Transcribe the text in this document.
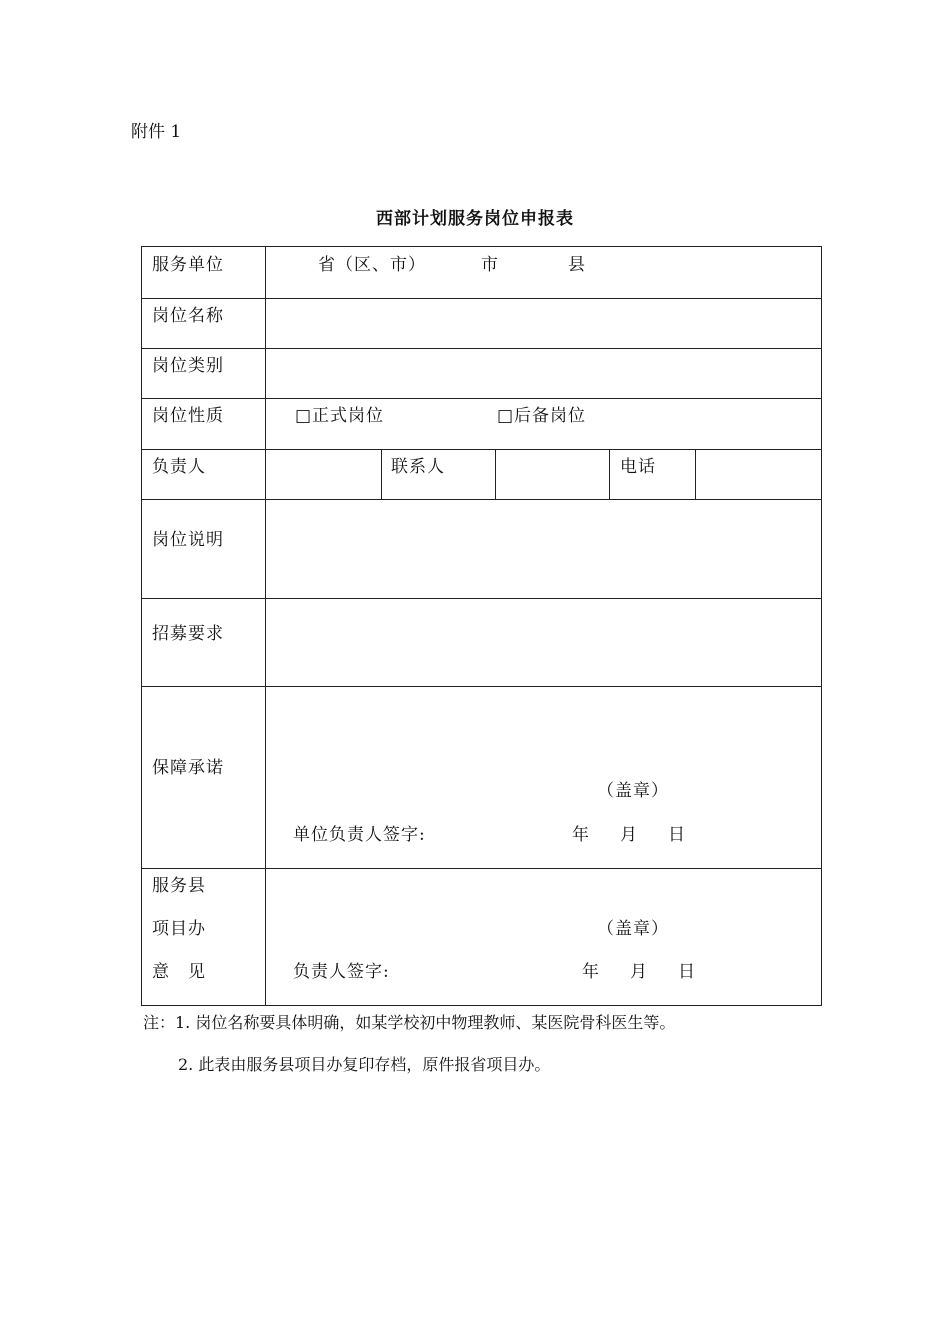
附件 1
西部计划服务岗位申报表
服务单位	省（区、市）	市	县
岗位名称
岗位类别
岗位性质	□正式岗位	□后备岗位
负责人	联系人	电话
岗位说明
招募要求
保障承诺
（盖章）
单位负责人签字:	年 月 日
服务县
项目办
意　见
（盖章）
负责人签字:	年 月 日
注：1. 岗位名称要具体明确，如某学校初中物理教师、某医院骨科医生等。
2. 此表由服务县项目办复印存档，原件报省项目办。
